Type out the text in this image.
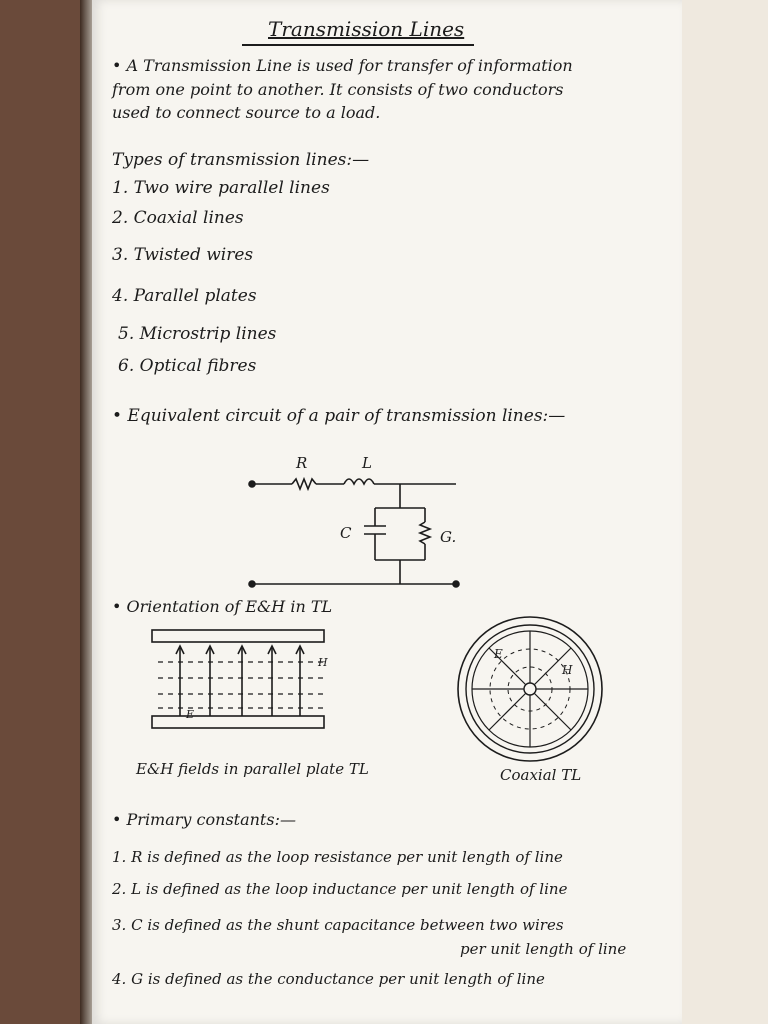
Transmission Lines
• A Transmission Line is used for transfer of information
from one point to another. It consists of two conductors
used to connect source to a load.
Types of transmission lines:—
1. Two wire parallel lines
2. Coaxial lines
3. Twisted wires
4. Parallel plates
5. Microstrip lines
6. Optical fibres
• Equivalent circuit of a pair of transmission lines:—
R	L
C	G.
• Orientation of E&H in TL
E
H
E
H
E&H fields in parallel plate TL	Coaxial TL
• Primary constants:—
1. R is defined as the loop resistance per unit length of line
2. L is defined as the loop inductance per unit length of line
3. C is defined as the shunt capacitance between two wires
per unit length of line
4. G is defined as the conductance per unit length of line
